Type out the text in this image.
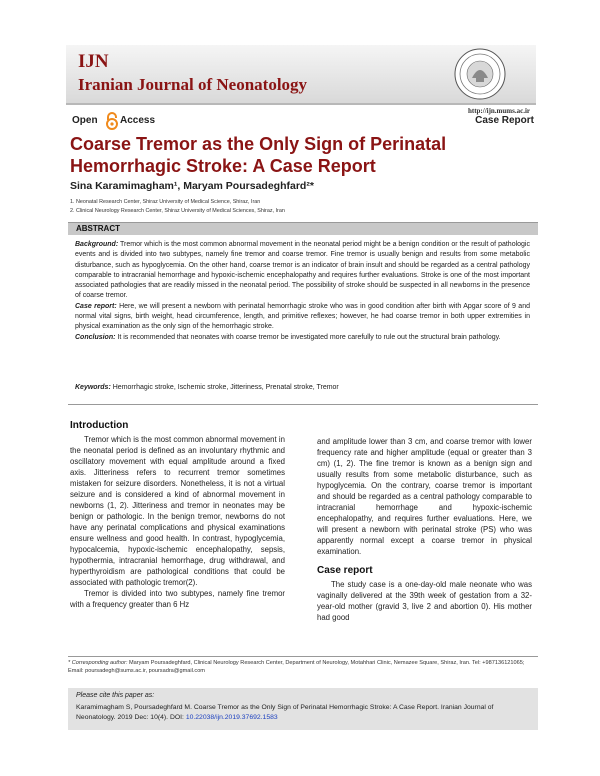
IJN
Iranian Journal of Neonatology
http://ijn.mums.ac.ir
Open Access	Case Report
Coarse Tremor as the Only Sign of Perinatal Hemorrhagic Stroke: A Case Report
Sina Karamimagham¹, Maryam Poursadeghfard²*
1. Neonatal Research Center, Shiraz University of Medical Science, Shiraz, Iran
2. Clinical Neurology Research Center, Shiraz University of Medical Sciences, Shiraz, Iran
ABSTRACT

Background: Tremor which is the most common abnormal movement in the neonatal period might be a benign condition or the result of pathologic events and is divided into two subtypes, namely fine tremor and coarse tremor. Fine tremor is usually benign and results from some metabolic disturbance, such as hypoglycemia. On the other hand, coarse tremor is an indicator of brain insult and should be regarded as a central pathology comparable to intracranial hemorrhage and hypoxic-ischemic encephalopathy and requires further evaluations. Stroke is one of the most important associated pathologies that are readily missed in the neonatal period. The possibility of stroke should be suspected in all newborns in the presence of coarse tremor.

Case report: Here, we will present a newborn with perinatal hemorrhagic stroke who was in good condition after birth with Apgar score of 9 and normal vital signs, birth weight, head circumference, length, and primitive reflexes; however, he had coarse tremor in both upper extremities in physical examination as the only sign of the hemorrhagic stroke.

Conclusion: It is recommended that neonates with coarse tremor be investigated more carefully to rule out the structural brain pathology.

Keywords: Hemorrhagic stroke, Ischemic stroke, Jitteriness, Prenatal stroke, Tremor
Introduction

Tremor which is the most common abnormal movement in the neonatal period is defined as an involuntary rhythmic and oscillatory movement with equal amplitude around a fixed axis. Jitteriness refers to recurrent tremor sometimes mistaken for seizure disorders. Nonetheless, it is not a virtual seizure and is considered a kind of abnormal movement in newborns (1, 2). Jitteriness and tremor in neonates may be benign or pathologic. In the benign tremor, newborns do not have any perinatal complications and physical examinations ensure wellness and good health. In contrast, hypoglycemia, hypocalcemia, hypoxic-ischemic encephalopathy, sepsis, hypothermia, intracranial hemorrhage, drug withdrawal, and hyperthyroidism are pathological conditions that could be associated with pathologic tremor(2).

Tremor is divided into two subtypes, namely fine tremor with a frequency greater than 6 Hz

and amplitude lower than 3 cm, and coarse tremor with lower frequency rate and higher amplitude (equal or greater than 3 cm) (1, 2). The fine tremor is known as a benign sign and usually results from some metabolic disturbance, such as hypoglycemia. On the contrary, coarse tremor is important and should be regarded as a central pathology comparable to intracranial hemorrhage and hypoxic-ischemic encephalopathy, and requires further evaluations. Here, we will present a newborn with perinatal stroke (PS) who was apparently normal except a coarse tremor in physical examination.

Case report

The study case is a one-day-old male neonate who was vaginally delivered at the 39th week of gestation from a 32-year-old mother (gravid 3, live 2 and abortion 0). His mother had good

* Corresponding author: Maryam Poursadeghfard, Clinical Neurology Research Center, Department of Neurology, Motahhari Clinic, Nemazee Square, Shiraz, Iran. Tel: +987136121065; Email: poursadegh@sums.ac.ir, poursadra@gmail.com
Please cite this paper as:
Karamimagham S, Poursadeghfard M. Coarse Tremor as the Only Sign of Perinatal Hemorrhagic Stroke: A Case Report. Iranian Journal of Neonatology. 2019 Dec: 10(4). DOI: 10.22038/ijn.2019.37692.1583
